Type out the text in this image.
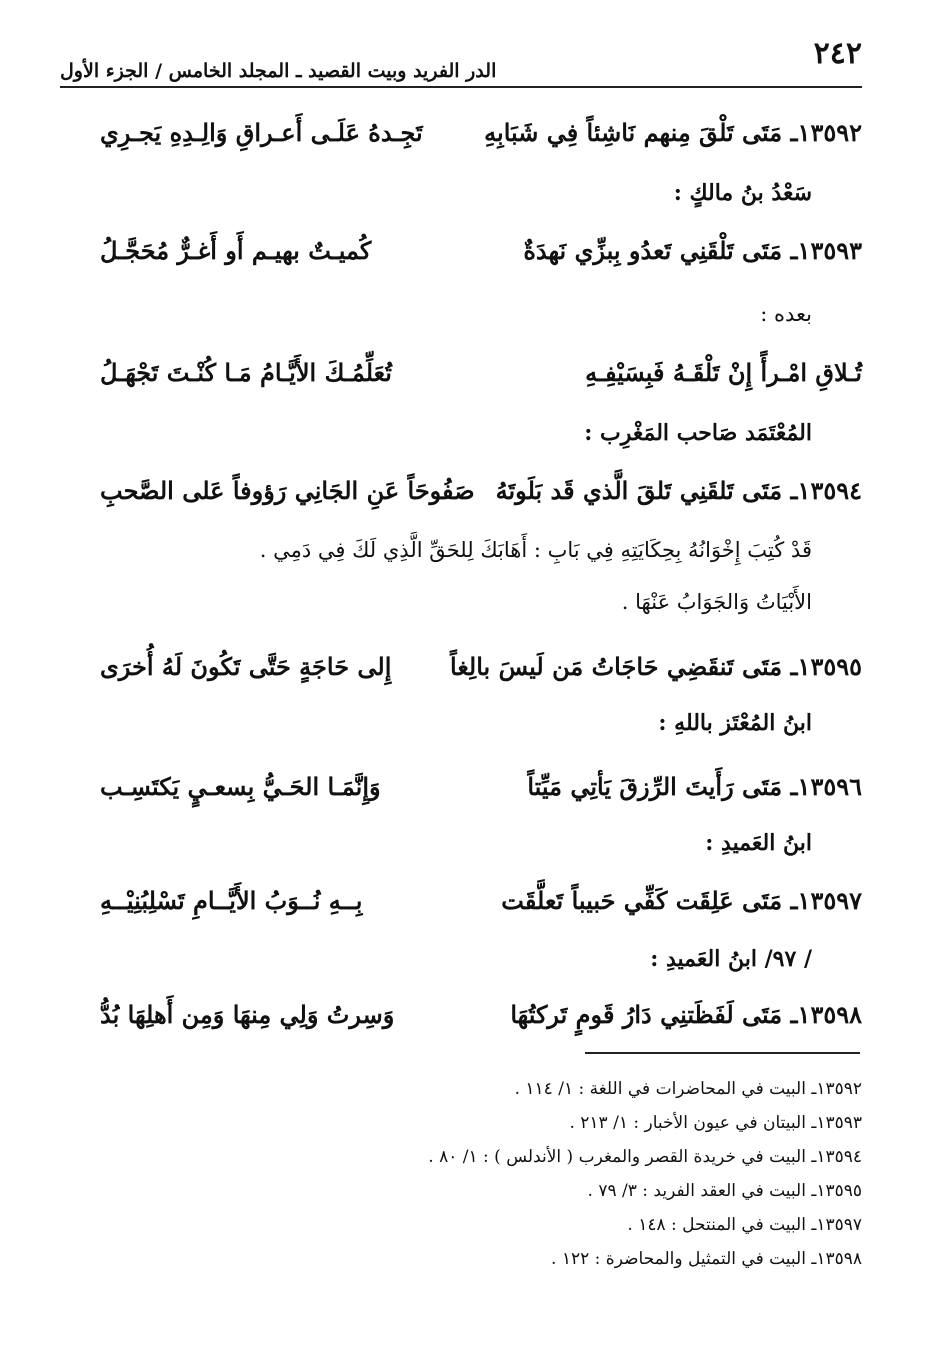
٢٤٢
الدر الفريد وبيت القصيد ـ المجلد الخامس / الجزء الأول
١٣٥٩٢ـ مَتَى تَلْقَ مِنهم نَاشِئاً فِي شَبَابِهِ
تَجِـدهُ عَلَـى أَعـراقِ وَالِـدِهِ يَجـرِي
سَعْدُ بنُ مالكٍ :
١٣٥٩٣ـ مَتَى تَلْقَنِي تَعدُو بِبزِّي نَهدَةٌ
كُميـتٌ بهيـم أَو أَغـرٌّ مُحَجَّـلُ
بعده :
تُـلاقِ امْـرأً إِنْ تَلْقَـهُ فَبِسَيْفِـهِ
تُعَلِّمُـكَ الأَيَّـامُ مَـا كُنْـتَ تَجْهَـلُ
المُعْتَمَد صَاحب المَغْرِب :
١٣٥٩٤ـ مَتَى تَلقَنِي تَلقَ الَّذي قَد بَلَوتَهُ
صَفُوحَاً عَنِ الجَانِي رَؤوفاً عَلى الصَّحبِ
قَدْ كُتِبَ إِخْوَانُهُ بِحِكَايَتِهِ فِي بَابِ : أَهَابَكَ لِلحَقِّ الَّذِي لَكَ فِي دَمِي .
الأَبْيَاتُ وَالجَوَابُ عَنْهَا .
١٣٥٩٥ـ مَتَى تَنقَضِي حَاجَاتُ مَن لَيسَ بالِغاً
إِلى حَاجَةٍ حَتَّى تَكُونَ لَهُ أُخرَى
ابنُ المُعْتَز باللهِ :
١٣٥٩٦ـ مَتَى رَأَيتَ الرِّزقَ يَأتِي مَيِّتاً
وَإِنَّمَـا الحَـيُّ بِسعـيٍ يَكتَسِـب
ابنُ العَميدِ :
١٣٥٩٧ـ مَتَى عَلِقَت كَفِّي حَبيباً تَعلَّقَت
بِــهِ نُــوَبُ الأَيَّــامِ تَسْلِبُنِيْــهِ
/ ٩٧/ ابنُ العَميدِ :
١٣٥٩٨ـ مَتَى لَفَظَتنِي دَارُ قَومٍ تَركتُهَا
وَسِرتُ وَلِي مِنهَا وَمِن أَهلِهَا بُدُّ
١٣٥٩٢ـ البيت في المحاضرات في اللغة : ١/ ١١٤ .
١٣٥٩٣ـ البيتان في عيون الأخبار : ١/ ٢١٣ .
١٣٥٩٤ـ البيت في خريدة القصر والمغرب ( الأندلس ) : ١/ ٨٠ .
١٣٥٩٥ـ البيت في العقد الفريد : ٣/ ٧٩ .
١٣٥٩٧ـ البيت في المنتحل : ١٤٨ .
١٣٥٩٨ـ البيت في التمثيل والمحاضرة : ١٢٢ .
